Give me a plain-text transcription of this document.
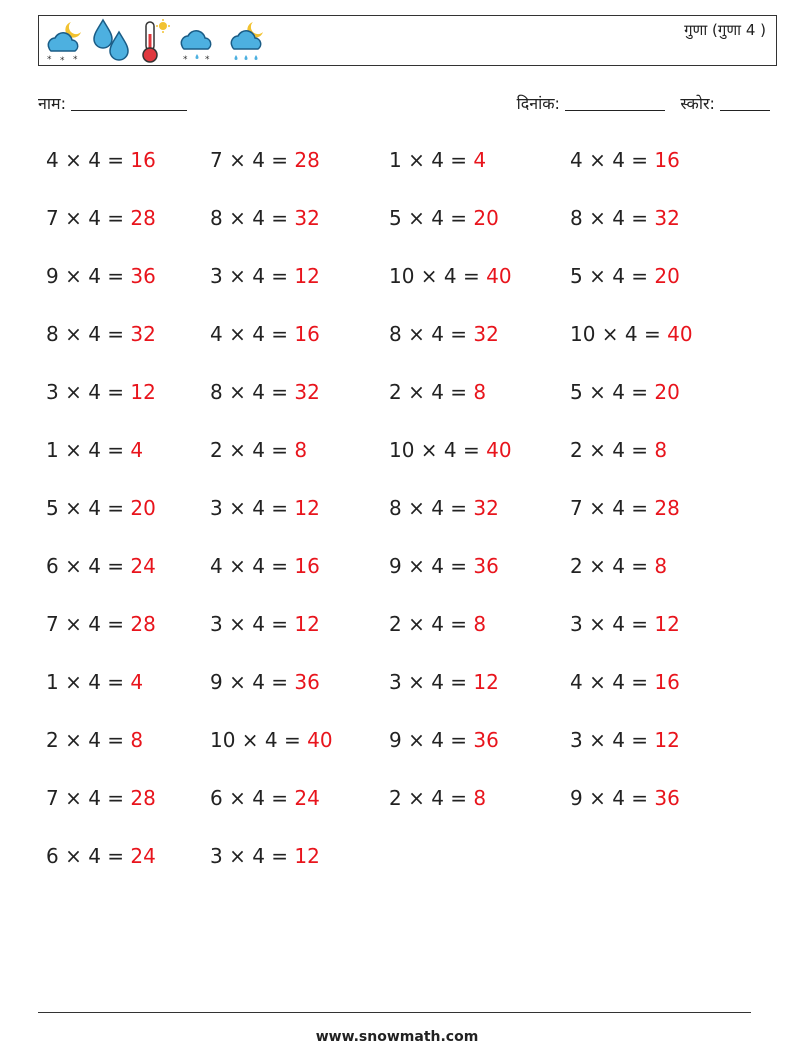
* * *	* *
गुणा (गुणा 4 )
नाम:	दिनांक:	स्कोर:
4 × 4 = 16
7 × 4 = 28
9 × 4 = 36
8 × 4 = 32
3 × 4 = 12
1 × 4 = 4
5 × 4 = 20
6 × 4 = 24
7 × 4 = 28
1 × 4 = 4
2 × 4 = 8
7 × 4 = 28
6 × 4 = 24
7 × 4 = 28
8 × 4 = 32
3 × 4 = 12
4 × 4 = 16
8 × 4 = 32
2 × 4 = 8
3 × 4 = 12
4 × 4 = 16
3 × 4 = 12
9 × 4 = 36
10 × 4 = 40
6 × 4 = 24
3 × 4 = 12
1 × 4 = 4
5 × 4 = 20
10 × 4 = 40
8 × 4 = 32
2 × 4 = 8
10 × 4 = 40
8 × 4 = 32
9 × 4 = 36
2 × 4 = 8
3 × 4 = 12
9 × 4 = 36
2 × 4 = 8
4 × 4 = 16
8 × 4 = 32
5 × 4 = 20
10 × 4 = 40
5 × 4 = 20
2 × 4 = 8
7 × 4 = 28
2 × 4 = 8
3 × 4 = 12
4 × 4 = 16
3 × 4 = 12
9 × 4 = 36
www.snowmath.com
